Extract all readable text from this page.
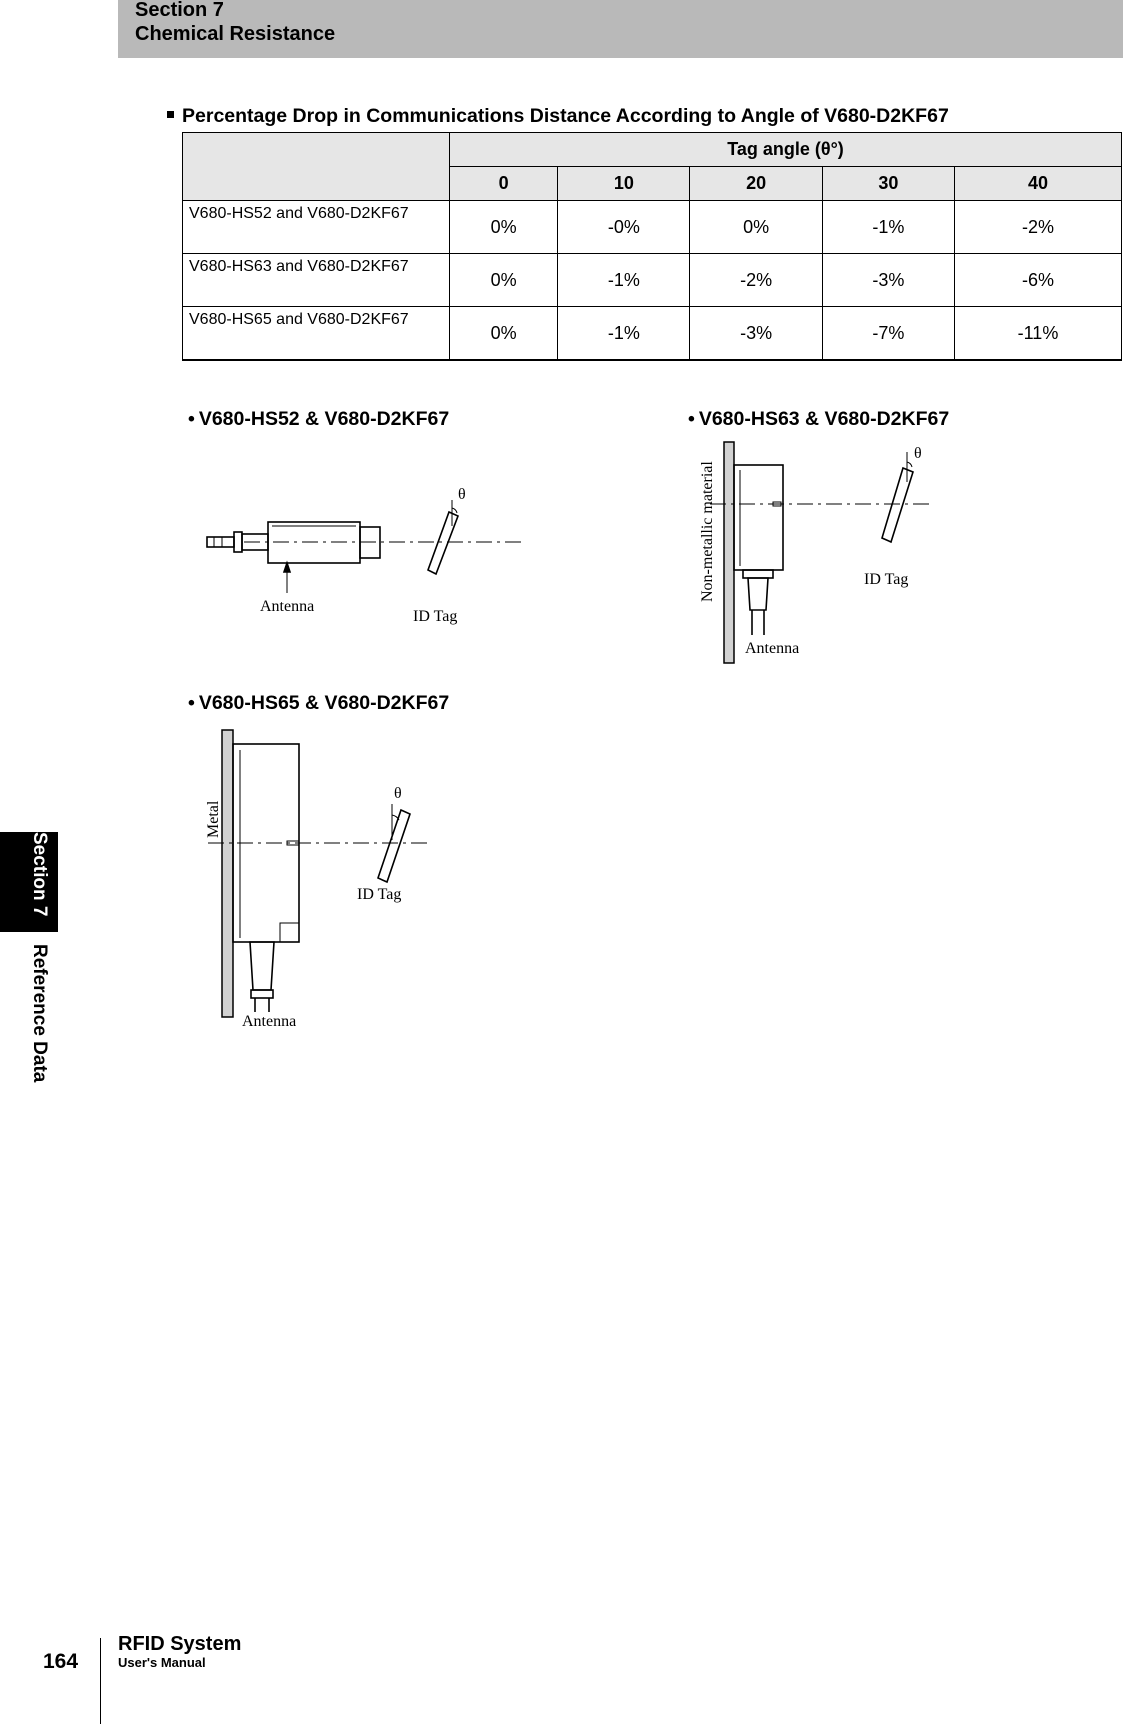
Section 7
Chemical Resistance
Section 7Reference Data
Percentage Drop in Communications Distance According to Angle of V680-D2KF67
	Tag angle (θ°)				
	0	10	20	30	40
V680-HS52 and V680-D2KF67	0%	-0%	0%	-1%	-2%
V680-HS63 and V680-D2KF67	0%	-1%	-2%	-3%	-6%
V680-HS65 and V680-D2KF67	0%	-1%	-3%	-7%	-11%
• V680-HS52 & V680-D2KF67	• V680-HS63 & V680-D2KF67
• V680-HS65 & V680-D2KF67
θ
Antenna
ID Tag
θ
ID Tag
Antenna
Non-metallic material
θ
ID Tag
Antenna
Metal
164
RFID System
User's Manual
